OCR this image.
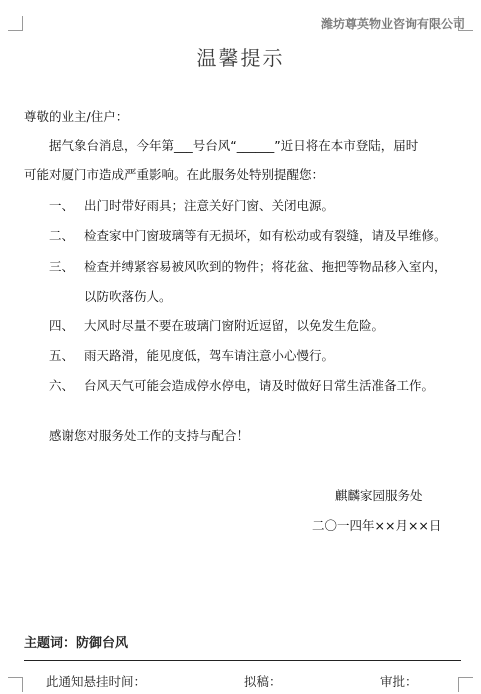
潍坊尊英物业咨询有限公司
温馨提示
尊敬的业主/住户：
据气象台消息，今年第___号台风“______”近日将在本市登陆，届时
可能对厦门市造成严重影响。在此服务处特别提醒您：
一、 出门时带好雨具；注意关好门窗、关闭电源。
二、 检查家中门窗玻璃等有无损坏，如有松动或有裂缝，请及早维修。
三、 检查并缚紧容易被风吹到的物件；将花盆、拖把等物品移入室内，
以防吹落伤人。
四、 大风时尽量不要在玻璃门窗附近逗留，以免发生危险。
五、 雨天路滑，能见度低，驾车请注意小心慢行。
六、 台风天气可能会造成停水停电，请及时做好日常生活准备工作。
感谢您对服务处工作的支持与配合！
麒麟家园服务处
二〇一四年××月××日
主题词：防御台风
此通知悬挂时间：	拟稿：	审批：
